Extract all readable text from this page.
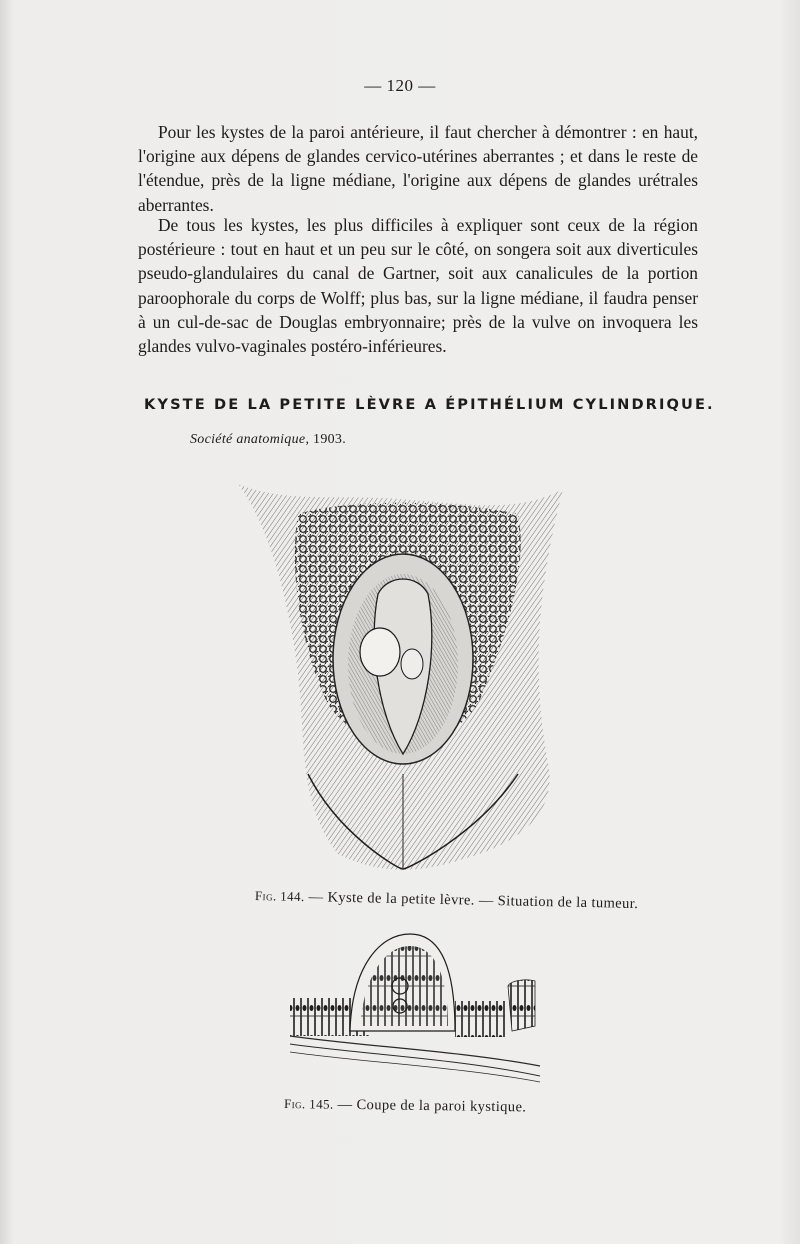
— 120 —

Pour les kystes de la paroi antérieure, il faut chercher à démontrer : en haut, l'origine aux dépens de glandes cervico-utérines aberrantes ; et dans le reste de l'étendue, près de la ligne médiane, l'origine aux dépens de glandes urétrales aberrantes.

De tous les kystes, les plus difficiles à expliquer sont ceux de la région postérieure : tout en haut et un peu sur le côté, on songera soit aux diverticules pseudo-glandulaires du canal de Gartner, soit aux canalicules de la portion paroophorale du corps de Wolff; plus bas, sur la ligne médiane, il faudra penser à un cul-de-sac de Douglas embryonnaire; près de la vulve on invoquera les glandes vulvo-vaginales postéro-inférieures.

KYSTE DE LA PETITE LÈVRE A ÉPITHÉLIUM CYLINDRIQUE.
Société anatomique, 1903.
Fig. 144. — Kyste de la petite lèvre. — Situation de la tumeur.
Fig. 145. — Coupe de la paroi kystique.
